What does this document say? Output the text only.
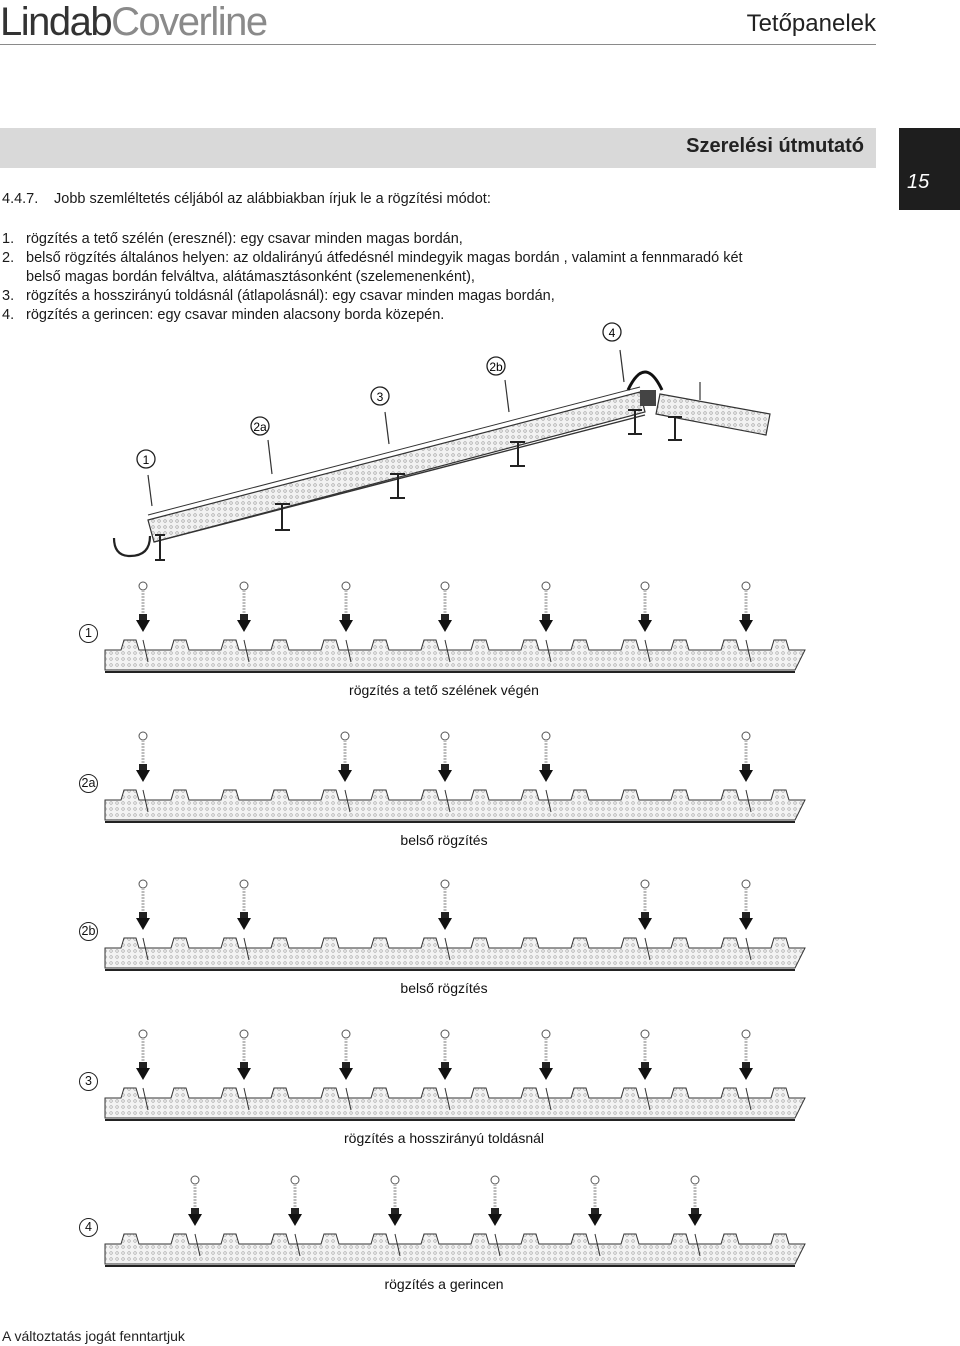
LindabCoverline	Tetőpanelek
Szerelési útmutató
15
4.4.7. Jobb szemléltetés céljából az alábbiakban írjuk le a rögzítési módot:
1. rögzítés a tető szélén (eresznél): egy csavar minden magas bordán,
2. belső rögzítés általános helyen: az oldalirányú átfedésnél mindegyik magas bordán , valamint a fennmaradó két
belső magas bordán felváltva, alátámasztásonként (szelemenenként),
3. rögzítés a hosszirányú toldásnál (átlapolásnál): egy csavar minden magas bordán,
4. rögzítés a gerincen: egy csavar minden alacsony borda közepén.
1
2a
3
2b
4
1
rögzítés a tető szélének végén
2a
belső rögzítés
2b
belső rögzítés
3
rögzítés a hosszirányú toldásnál
4
rögzítés a gerincen
A változtatás jogát fenntartjuk
